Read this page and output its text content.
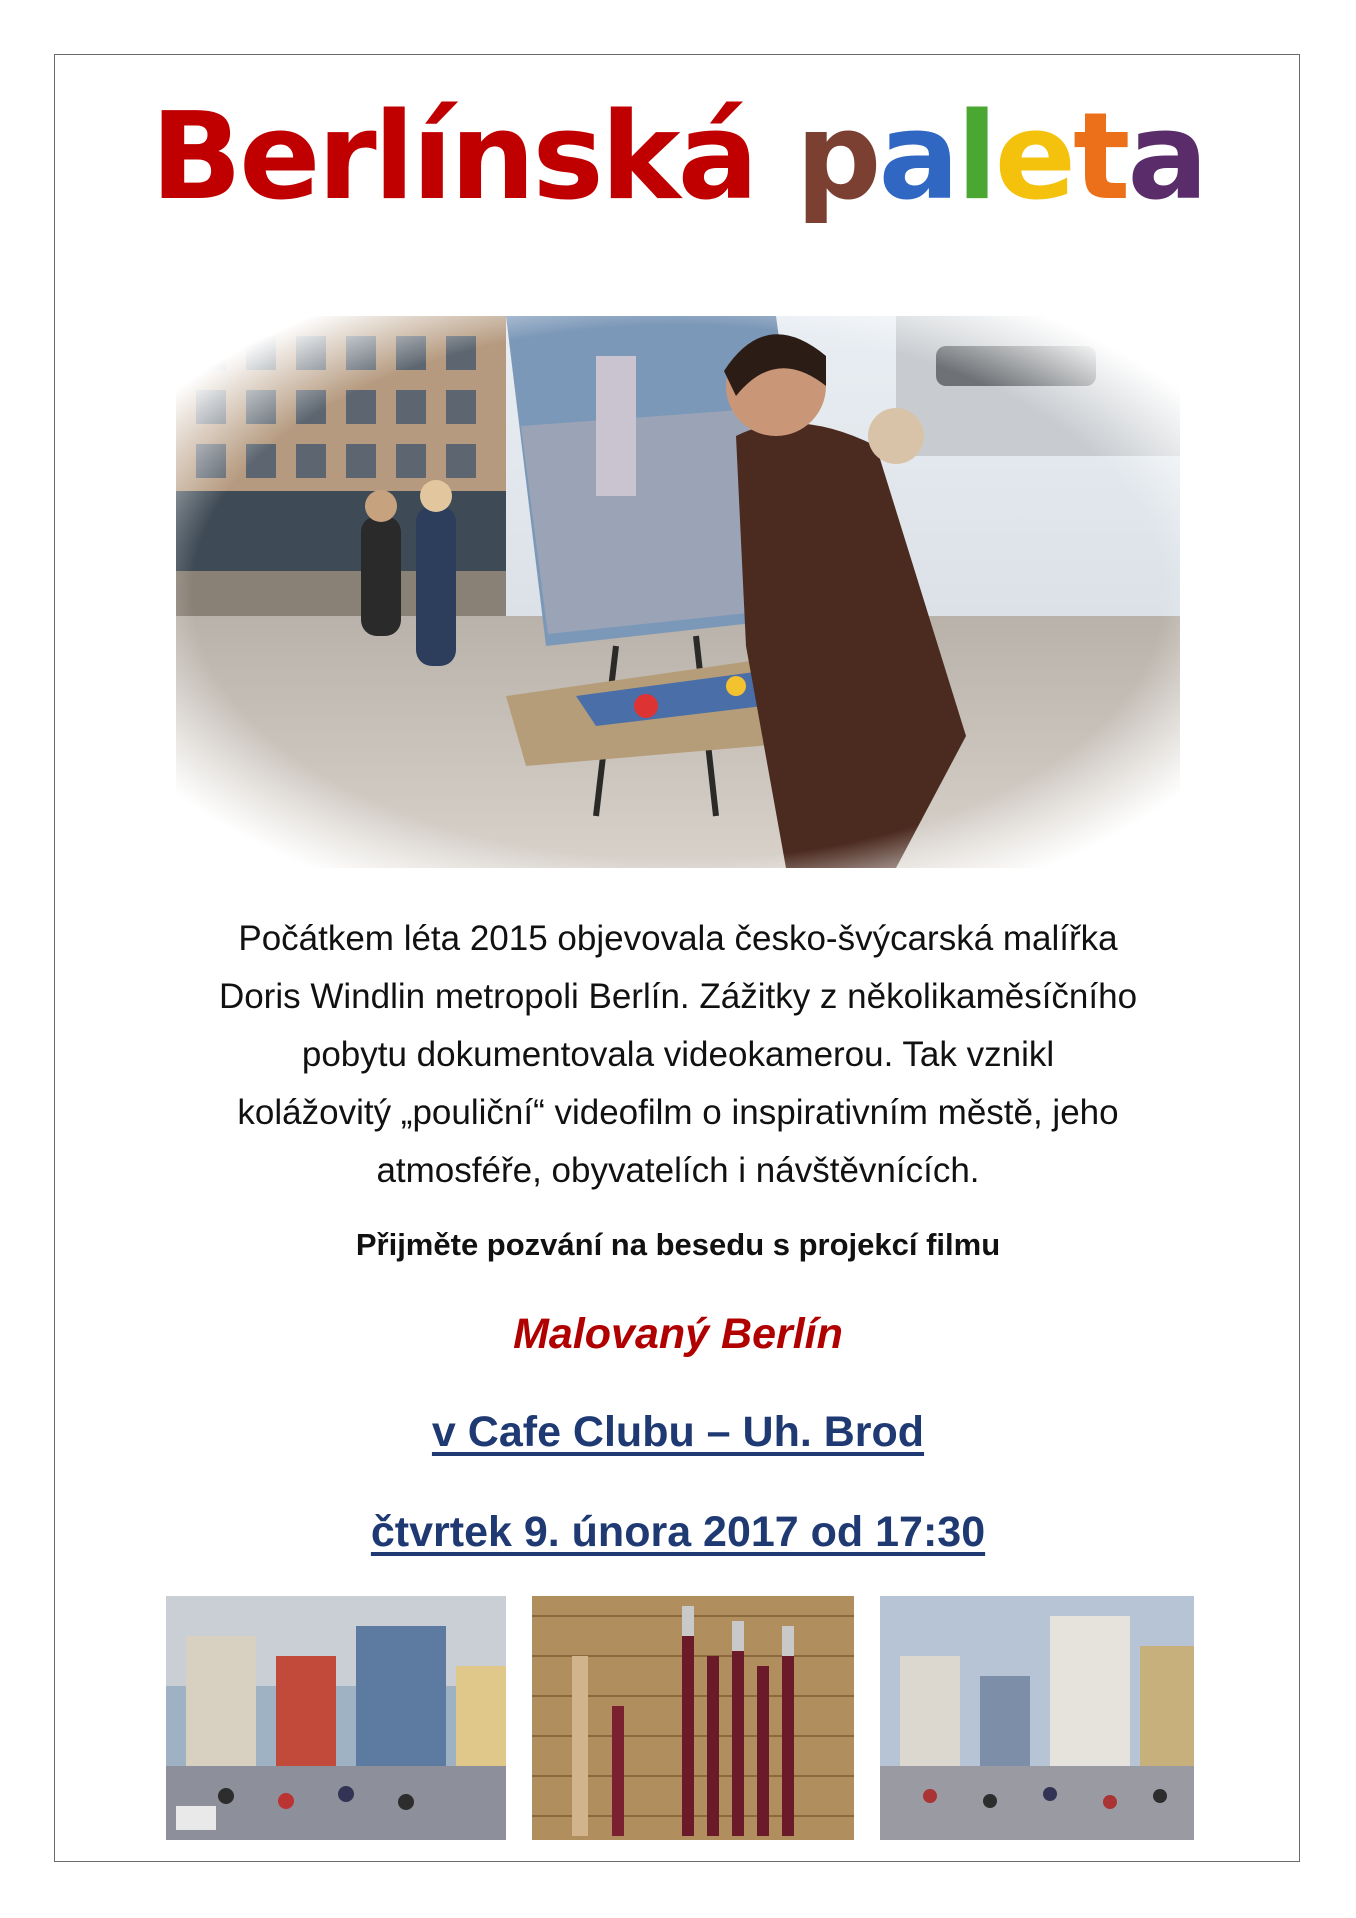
Berlínská paleta
Počátkem léta 2015 objevovala česko-švýcarská malířka
Doris Windlin metropoli Berlín. Zážitky z několikaměsíčního
pobytu dokumentovala videokamerou. Tak vznikl
kolážovitý „pouliční“ videofilm o inspirativním městě, jeho
atmosféře, obyvatelích i návštěvnících.
Přijměte pozvání na besedu s projekcí filmu
Malovaný Berlín
v Cafe Clubu – Uh. Brod
čtvrtek 9. února 2017 od 17:30
